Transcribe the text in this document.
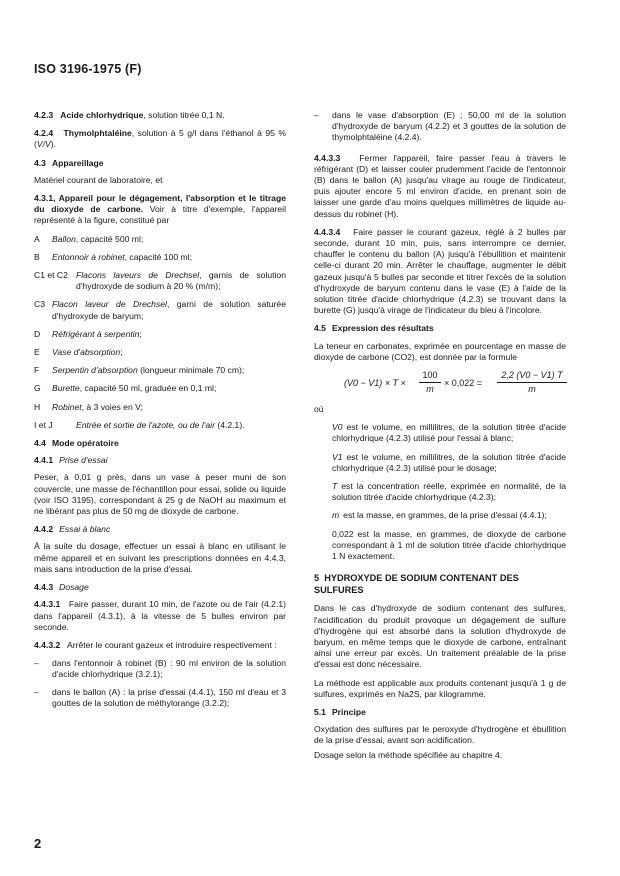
ISO 3196-1975 (F)

4.2.3 Acide chlorhydrique, solution titrée 0,1 N.

4.2.4 Thymolphtaléine, solution à 5 g/l dans l'éthanol à 95 % (V/V).

4.3 Appareillage

Matériel courant de laboratoire, et

4.3.1, Appareil pour le dégagement, l'absorption et le titrage du dioxyde de carbone. Voir à titre d'exemple, l'appareil représenté à la figure, constitué par

A	Ballon, capacité 500 ml;
B	Entonnoir à robinet, capacité 100 ml;
C1 et C2 Flacons laveurs de Drechsel, garnis de solution d'hydroxyde de sodium à 20 % (m/m);
C3 Flacon laveur de Drechsel, garni de solution saturée d'hydroxyde de baryum;
D	Réfrigérant à serpentin;
E	Vase d'absorption;
F	Serpentin d'absorption (longueur minimale 70 cm);
G	Burette, capacité 50 ml, graduée en 0,1 ml;
H	Robinet, à 3 voies en V;
I et J	Entrée et sortie de l'azote, ou de l'air (4.2.1).
4.4 Mode opératoire
4.4.1 Prise d'essai

Peser, à 0,01 g près, dans un vase à peser muni de son couvercle, une masse de l'échantillon pour essai, solide ou liquide (voir ISO 3195), correspondant à 25 g de NaOH au maximum et ne libérant pas plus de 50 mg de dioxyde de carbone.

4.4.2 Essai à blanc

À la suite du dosage, effectuer un essai à blanc en utilisant le même appareil et en suivant les prescriptions données en 4.4.3, mais sans introduction de la prise d'essai.

4.4.3 Dosage

4.4.3.1 Faire passer, durant 10 min, de l'azote ou de l'air (4.2.1) dans l'appareil (4.3.1), à la vitesse de 5 bulles environ par seconde.

4.4.3.2 Arrêter le courant gazeux et introduire respectivement :

–	dans l'entonnoir à robinet (B) : 90 ml environ de la solution d'acide chlorhydrique (3.2.1);
–	dans le ballon (A) : la prise d'essai (4.4.1), 150 ml d'eau et 3 gouttes de la solution de méthylorange (3.2.2);
–	dans le vase d'absorption (E) : 50,00 ml de la solution d'hydroxyde de baryum (4.2.2) et 3 gouttes de la solution de thymolphtaléine (4.2.4).

4.4.3.3 Fermer l'appareil, faire passer l'eau à travers le réfrigérant (D) et laisser couler prudemment l'acide de l'entonnoir (B) dans le ballon (A) jusqu'au virage au rouge de l'indicateur, puis ajouter encore 5 ml environ d'acide, en prenant soin de laisser une garde d'au moins quelques millimètres de liquide au-dessus du robinet (H).

4.4.3.4 Faire passer le courant gazeux, réglé à 2 bulles par seconde, durant 10 min, puis, sans interrompre ce dernier, chauffer le contenu du ballon (A) jusqu'à l'ébullition et maintenir celle-ci durant 20 min. Arrêter le chauffage, augmenter le débit gazeux jusqu'à 5 bulles par seconde et titrer l'excès de la solution d'hydroxyde de baryum contenu dans le vase (E) à l'aide de la solution titrée d'acide chlorhydrique (4.2.3) se trouvant dans la burette (G) jusqu'à virage de l'indicateur du bleu à l'incolore.

4.5 Expression des résultats

La teneur en carbonates, exprimée en pourcentage en masse de dioxyde de carbone (CO2), est donnée par la formule

$(V0 - V1) \times T \times \frac{100}{m} \times 0,022 = \frac{2,2 (V0 - V1) T}{m}$

où

V0 est le volume, en millilitres, de la solution titrée d'acide chlorhydrique (4.2.3) utilisé pour l'essai à blanc;
V1 est le volume, en millilitres, de la solution titrée d'acide chlorhydrique (4.2.3) utilisé pour le dosage;
T est la concentration réelle, exprimée en normalité, de la solution titrée d'acide chlorhydrique (4.2.3);
m est la masse, en grammes, de la prise d'essai (4.4.1);
0,022 est la masse, en grammes, de dioxyde de carbone correspondant à 1 ml de solution titrée d'acide chlorhydrique 1 N exactement.
5 HYDROXYDE DE SODIUM CONTENANT DES SULFURES

Dans le cas d'hydroxyde de sodium contenant des sulfures, l'acidification du produit provoque un dégagement de sulfure d'hydrogène qui est absorbé dans la solution d'hydroxyde de baryum, en même temps que le dioxyde de carbone, entraînant ainsi une erreur par excès. Un traitement préalable de la prise d'essai est donc nécessaire.

La méthode est applicable aux produits contenant jusqu'à 1 g de sulfures, exprimés en Na2S, par kilogramme.

5.1 Principe

Oxydation des sulfures par le peroxyde d'hydrogène et ébullition de la prise d'essai, avant son acidification.

Dosage selon la méthode spécifiée au chapitre 4.

2
